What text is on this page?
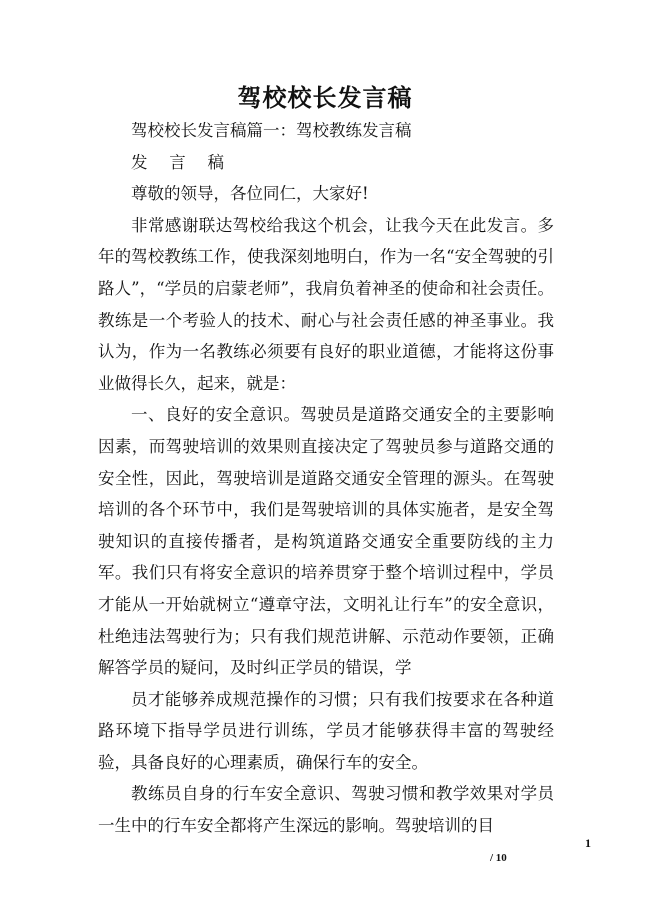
驾校校长发言稿

驾校校长发言稿篇一：驾校教练发言稿

发 言 稿

尊敬的领导，各位同仁，大家好!

非常感谢联达驾校给我这个机会，让我今天在此发言。多年的驾校教练工作，使我深刻地明白，作为一名“安全驾驶的引路人”，“学员的启蒙老师”，我肩负着神圣的使命和社会责任。教练是一个考验人的技术、耐心与社会责任感的神圣事业。我认为，作为一名教练必须要有良好的职业道德，才能将这份事业做得长久，起来，就是：

一、良好的安全意识。驾驶员是道路交通安全的主要影响因素，而驾驶培训的效果则直接决定了驾驶员参与道路交通的安全性，因此，驾驶培训是道路交通安全管理的源头。在驾驶培训的各个环节中，我们是驾驶培训的具体实施者，是安全驾驶知识的直接传播者，是构筑道路交通安全重要防线的主力军。我们只有将安全意识的培养贯穿于整个培训过程中，学员才能从一开始就树立“遵章守法，文明礼让行车”的安全意识，杜绝违法驾驶行为；只有我们规范讲解、示范动作要领，正确解答学员的疑问，及时纠正学员的错误，学

员才能够养成规范操作的习惯；只有我们按要求在各种道路环境下指导学员进行训练，学员才能够获得丰富的驾驶经验，具备良好的心理素质，确保行车的安全。

教练员自身的行车安全意识、驾驶习惯和教学效果对学员一生中的行车安全都将产生深远的影响。驾驶培训的目

1
/ 10
